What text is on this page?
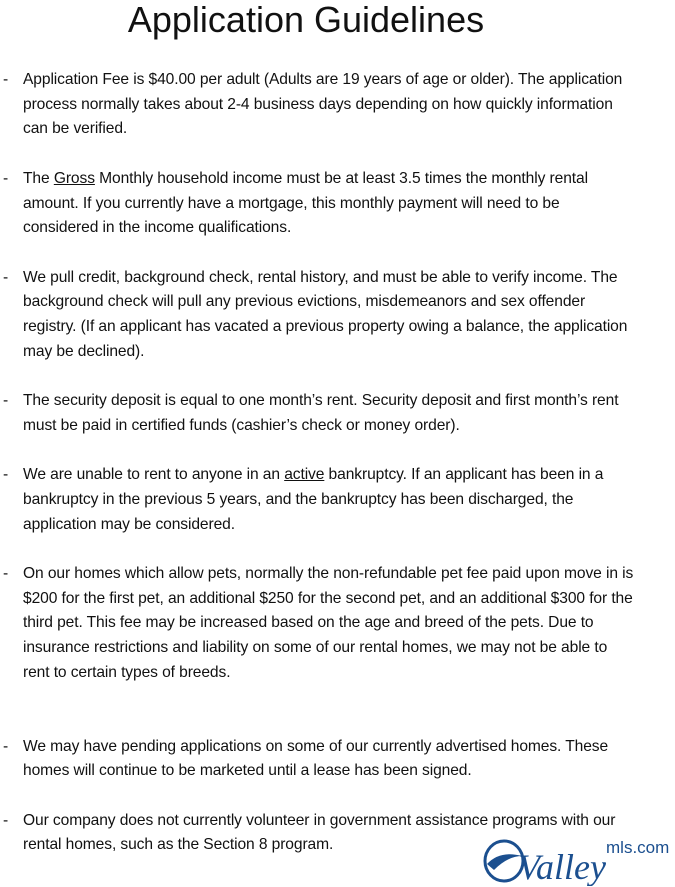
Application Guidelines
- Application Fee is $40.00 per adult (Adults are 19 years of age or older). The application process normally takes about 2-4 business days depending on how quickly information can be verified.
- The Gross Monthly household income must be at least 3.5 times the monthly rental amount. If you currently have a mortgage, this monthly payment will need to be considered in the income qualifications.
- We pull credit, background check, rental history, and must be able to verify income. The background check will pull any previous evictions, misdemeanors and sex offender registry. (If an applicant has vacated a previous property owing a balance, the application may be declined).
- The security deposit is equal to one month’s rent. Security deposit and first month’s rent must be paid in certified funds (cashier’s check or money order).
- We are unable to rent to anyone in an active bankruptcy. If an applicant has been in a bankruptcy in the previous 5 years, and the bankruptcy has been discharged, the application may be considered.
- On our homes which allow pets, normally the non-refundable pet fee paid upon move in is $200 for the first pet, an additional $250 for the second pet, and an additional $300 for the third pet. This fee may be increased based on the age and breed of the pets. Due to insurance restrictions and liability on some of our rental homes, we may not be able to rent to certain types of breeds.
- We may have pending applications on some of our currently advertised homes. These homes will continue to be marketed until a lease has been signed.
- Our company does not currently volunteer in government assistance programs with our rental homes, such as the Section 8 program.
Valley mls.com
